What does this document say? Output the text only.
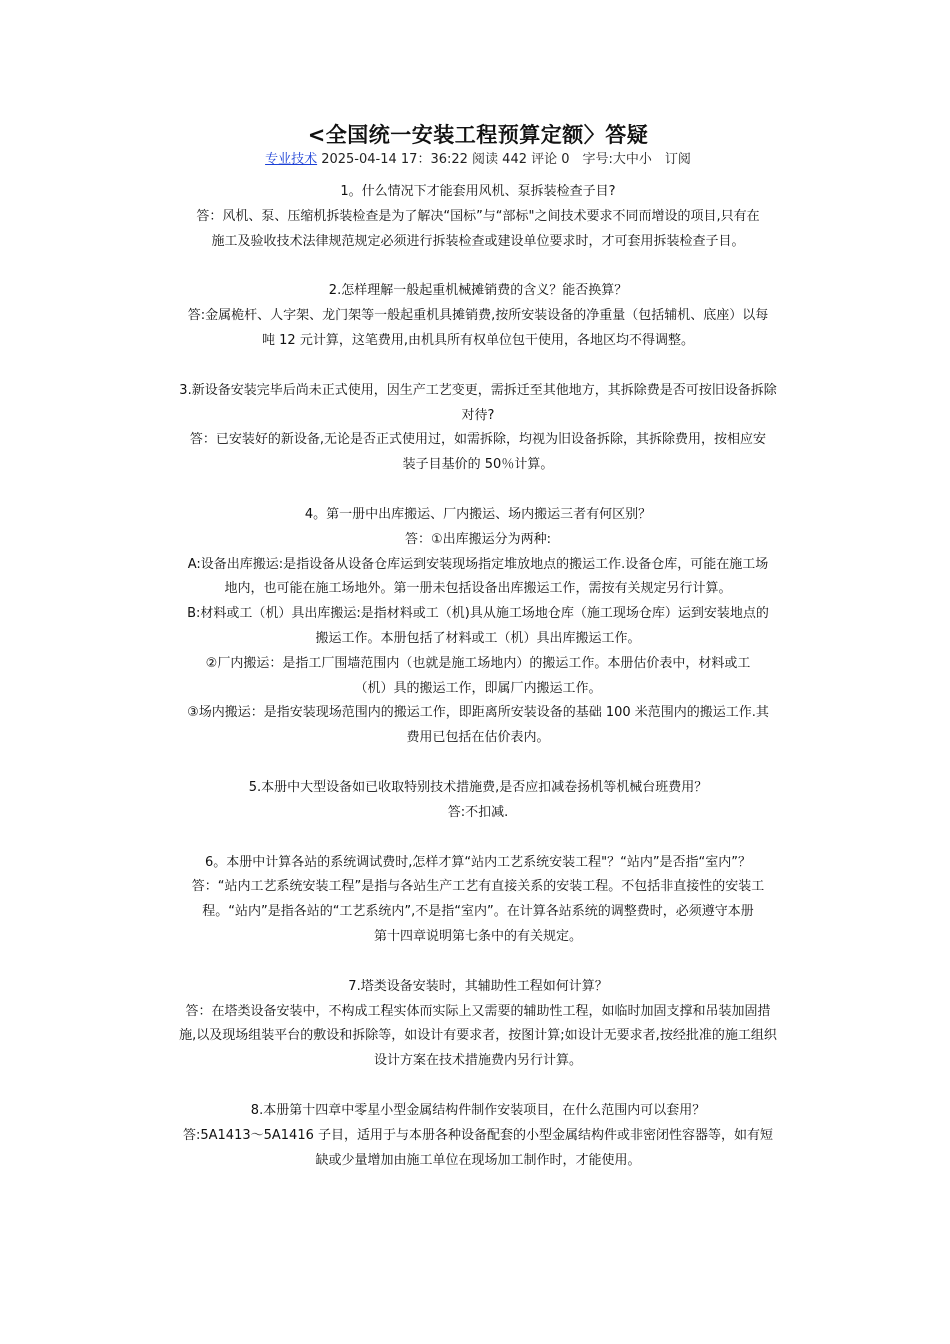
<全国统一安装工程预算定额〉答疑

专业技术 2025-04-14 17：36:22 阅读 442 评论 0　字号:大中小　订阅

1。什么情况下才能套用风机、泵拆装检查子目?

答：风机、泵、压缩机拆装检查是为了解决“国标”与“部标"之间技术要求不同而增设的项目,只有在

施工及验收技术法律规范规定必须进行拆装检查或建设单位要求时，才可套用拆装检查子目。

2.怎样理解一般起重机械摊销费的含义？能否换算？

答:金属桅杆、人字架、龙门架等一般起重机具摊销费,按所安装设备的净重量（包括辅机、底座）以每

吨 12 元计算，这笔费用,由机具所有权单位包干使用，各地区均不得调整。

3.新设备安装完毕后尚未正式使用，因生产工艺变更，需拆迁至其他地方，其拆除费是否可按旧设备拆除

对待?

答：已安装好的新设备,无论是否正式使用过，如需拆除，均视为旧设备拆除，其拆除费用，按相应安

装子目基价的 50％计算。

4。第一册中出库搬运、厂内搬运、场内搬运三者有何区别？

答：①出库搬运分为两种:

A:设备出库搬运:是指设备从设备仓库运到安装现场指定堆放地点的搬运工作.设备仓库，可能在施工场

地内，也可能在施工场地外。第一册未包括设备出库搬运工作，需按有关规定另行计算。

B:材料或工（机）具出库搬运:是指材料或工（机)具从施工场地仓库（施工现场仓库）运到安装地点的

搬运工作。本册包括了材料或工（机）具出库搬运工作。

②厂内搬运：是指工厂围墙范围内（也就是施工场地内）的搬运工作。本册估价表中，材料或工

（机）具的搬运工作，即属厂内搬运工作。

③场内搬运：是指安装现场范围内的搬运工作，即距离所安装设备的基础 100 米范围内的搬运工作.其

费用已包括在估价表内。

5.本册中大型设备如已收取特别技术措施费,是否应扣减卷扬机等机械台班费用？

答:不扣减.

6。本册中计算各站的系统调试费时,怎样才算“站内工艺系统安装工程"？“站内”是否指“室内”？

答：“站内工艺系统安装工程”是指与各站生产工艺有直接关系的安装工程。不包括非直接性的安装工

程。“站内”是指各站的“工艺系统内”,不是指“室内”。在计算各站系统的调整费时，必须遵守本册

第十四章说明第七条中的有关规定。

7.塔类设备安装时，其辅助性工程如何计算？

答：在塔类设备安装中，不构成工程实体而实际上又需要的辅助性工程，如临时加固支撑和吊装加固措

施,以及现场组装平台的敷设和拆除等，如设计有要求者，按图计算;如设计无要求者,按经批准的施工组织

设计方案在技术措施费内另行计算。

8.本册第十四章中零星小型金属结构件制作安装项目，在什么范围内可以套用？

答:5A1413～5A1416 子目，适用于与本册各种设备配套的小型金属结构件或非密闭性容器等，如有短

缺或少量增加由施工单位在现场加工制作时，才能使用。
